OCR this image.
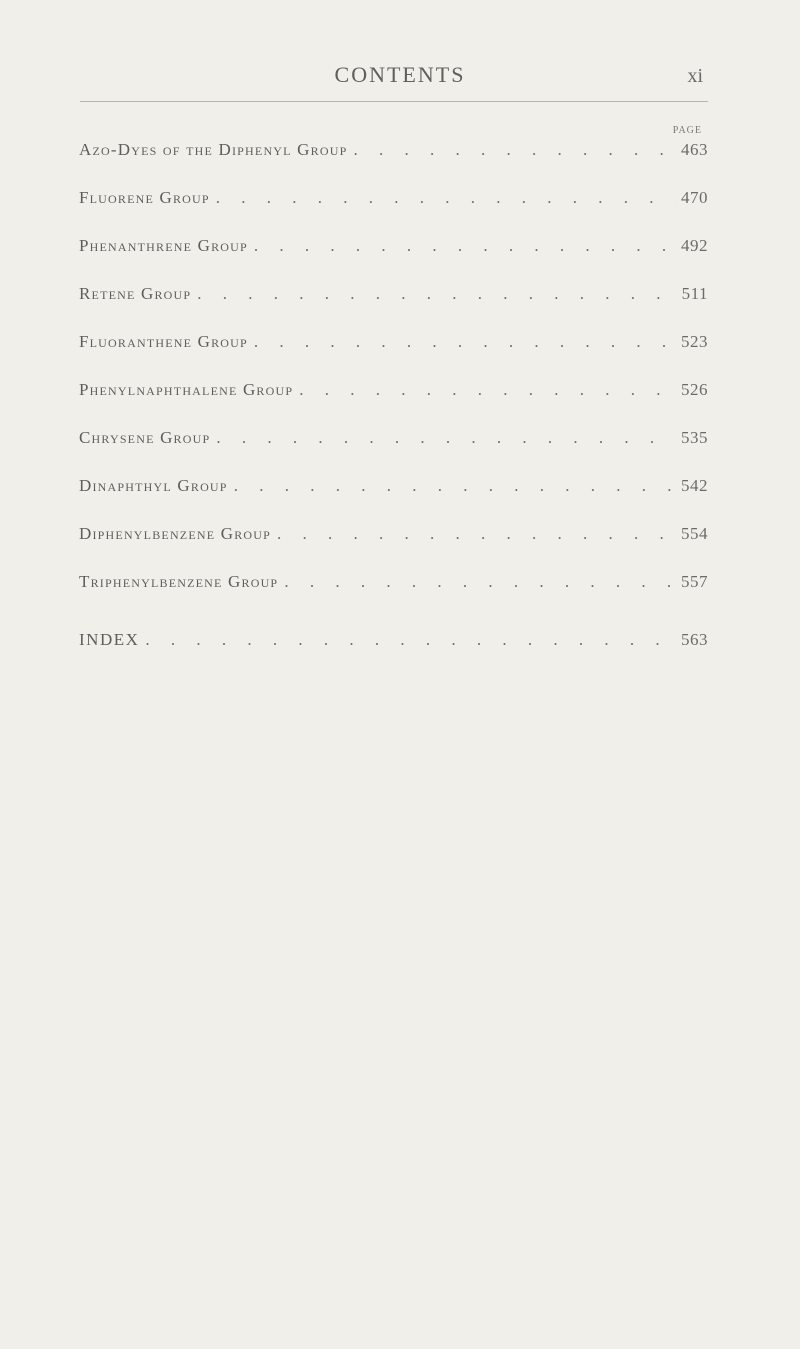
CONTENTS	xi
PAGE
Azo-Dyes of the Diphenyl Group . . .	463
Fluorene Group . . .	470
Phenanthrene Group . . .	492
Retene Group . . .	511
Fluoranthene Group . . .	523
Phenylnaphthalene Group . . .	526
Chrysene Group . . .	535
Dinaphthyl Group . . .	542
Diphenylbenzene Group . . .	554
Triphenylbenzene Group . . .	557
INDEX . . .	563
